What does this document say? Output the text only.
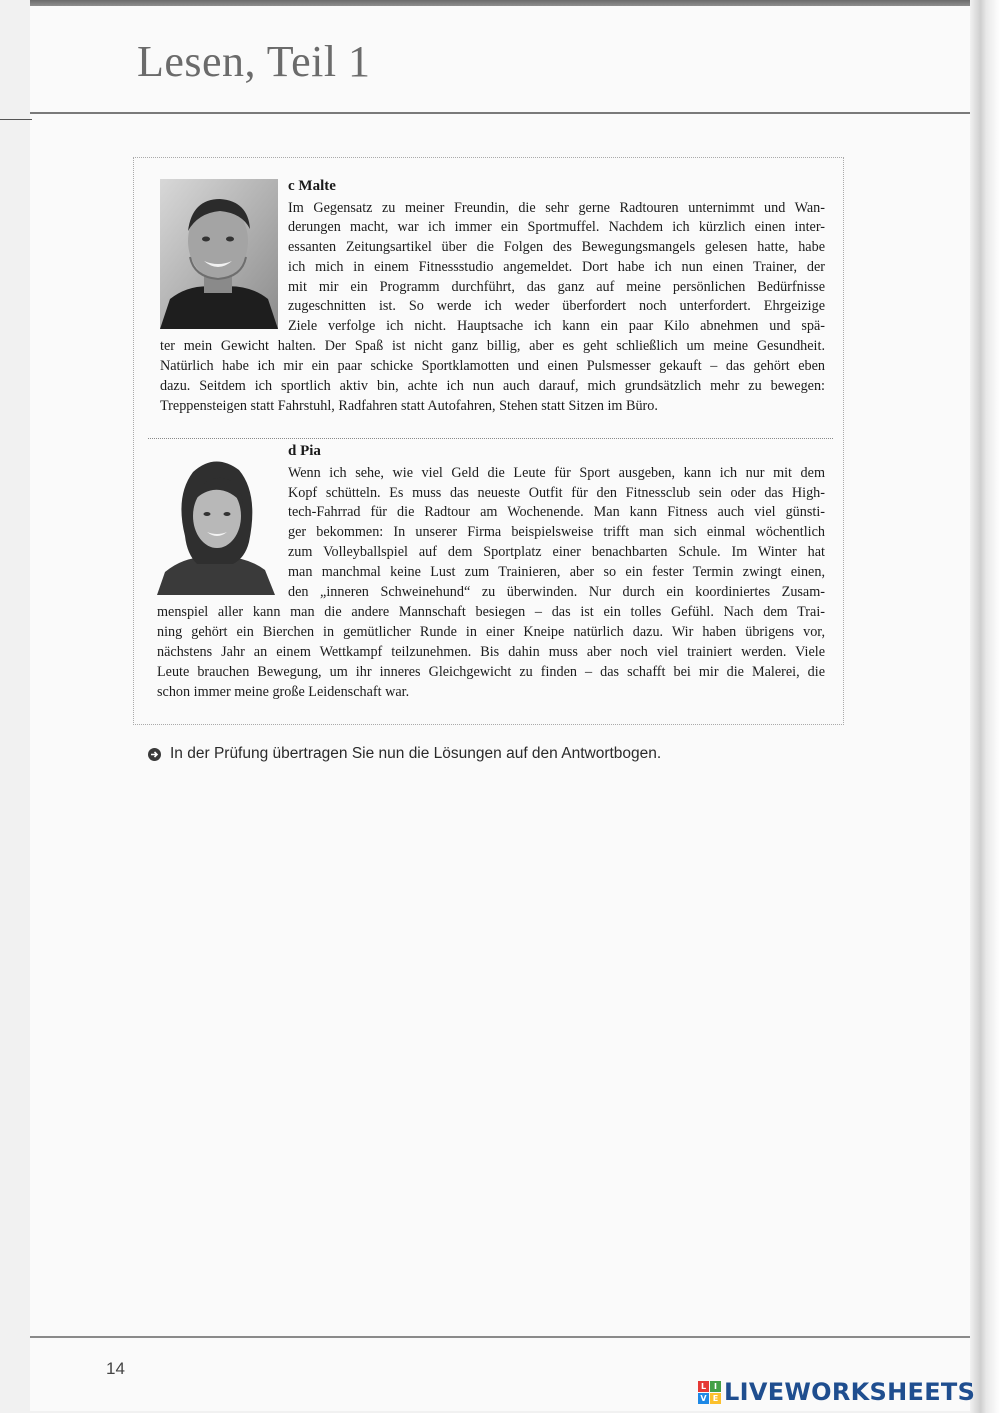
Lesen, Teil 1
c Malte

Im Gegensatz zu meiner Freundin, die sehr gerne Radtouren unternimmt und Wan-

derungen macht, war ich immer ein Sportmuffel. Nachdem ich kürzlich einen inter-

essanten Zeitungsartikel über die Folgen des Bewegungsmangels gelesen hatte, habe

ich mich in einem Fitnessstudio angemeldet. Dort habe ich nun einen Trainer, der

mit mir ein Programm durchführt, das ganz auf meine persönlichen Bedürfnisse

zugeschnitten ist. So werde ich weder überfordert noch unterfordert. Ehrgeizige

Ziele verfolge ich nicht. Hauptsache ich kann ein paar Kilo abnehmen und spä-

ter mein Gewicht halten. Der Spaß ist nicht ganz billig, aber es geht schließlich um meine Gesundheit.

Natürlich habe ich mir ein paar schicke Sportklamotten und einen Pulsmesser gekauft – das gehört eben

dazu. Seitdem ich sportlich aktiv bin, achte ich nun auch darauf, mich grundsätzlich mehr zu bewegen:

Treppensteigen statt Fahrstuhl, Radfahren statt Autofahren, Stehen statt Sitzen im Büro.

d Pia

Wenn ich sehe, wie viel Geld die Leute für Sport ausgeben, kann ich nur mit dem

Kopf schütteln. Es muss das neueste Outfit für den Fitnessclub sein oder das High-

tech-Fahrrad für die Radtour am Wochenende. Man kann Fitness auch viel günsti-

ger bekommen: In unserer Firma beispielsweise trifft man sich einmal wöchentlich

zum Volleyballspiel auf dem Sportplatz einer benachbarten Schule. Im Winter hat

man manchmal keine Lust zum Trainieren, aber so ein fester Termin zwingt einen,

den „inneren Schweinehund“ zu überwinden. Nur durch ein koordiniertes Zusam-

menspiel aller kann man die andere Mannschaft besiegen – das ist ein tolles Gefühl. Nach dem Trai-

ning gehört ein Bierchen in gemütlicher Runde in einer Kneipe natürlich dazu. Wir haben übrigens vor,

nächstens Jahr an einem Wettkampf teilzunehmen. Bis dahin muss aber noch viel trainiert werden. Viele

Leute brauchen Bewegung, um ihr inneres Gleichgewicht zu finden – das schafft bei mir die Malerei, die

schon immer meine große Leidenschaft war.

In der Prüfung übertragen Sie nun die Lösungen auf den Antwortbogen.
14
L I
V E LIVEWORKSHEETS
